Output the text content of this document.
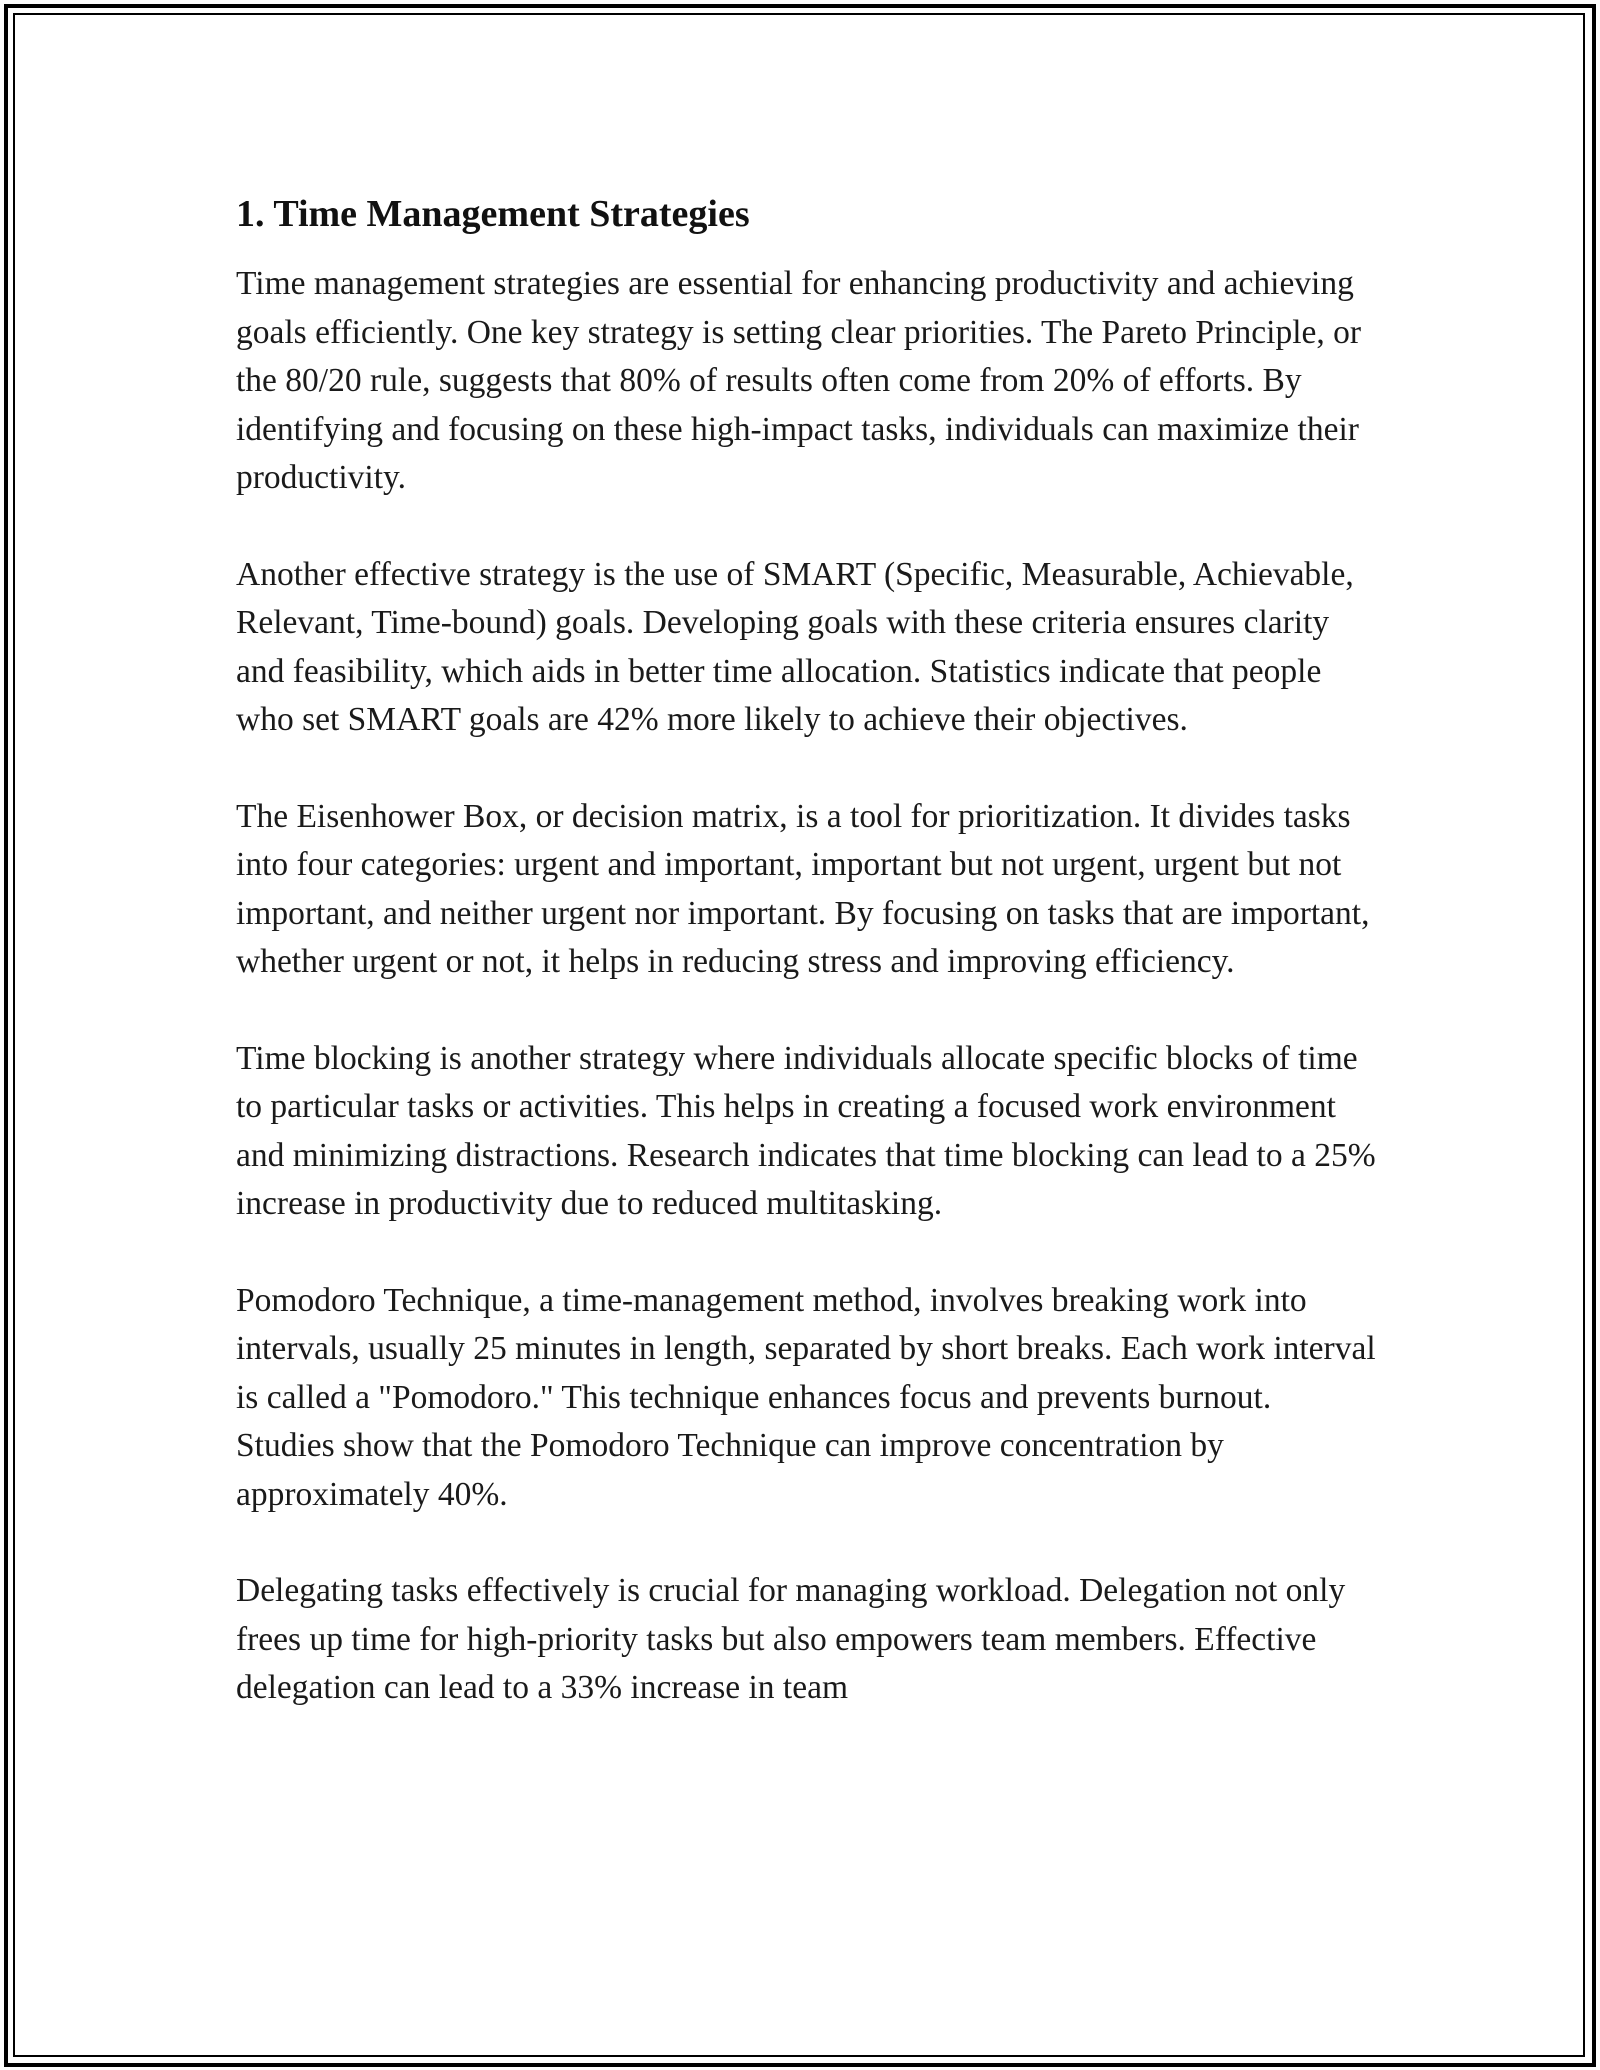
1. Time Management Strategies

Time management strategies are essential for enhancing productivity and achieving goals efficiently. One key strategy is setting clear priorities. The Pareto Principle, or the 80/20 rule, suggests that 80% of results often come from 20% of efforts. By identifying and focusing on these high-impact tasks, individuals can maximize their productivity.

Another effective strategy is the use of SMART (Specific, Measurable, Achievable, Relevant, Time-bound) goals. Developing goals with these criteria ensures clarity and feasibility, which aids in better time allocation. Statistics indicate that people who set SMART goals are 42% more likely to achieve their objectives.

The Eisenhower Box, or decision matrix, is a tool for prioritization. It divides tasks into four categories: urgent and important, important but not urgent, urgent but not important, and neither urgent nor important. By focusing on tasks that are important, whether urgent or not, it helps in reducing stress and improving efficiency.

Time blocking is another strategy where individuals allocate specific blocks of time to particular tasks or activities. This helps in creating a focused work environment and minimizing distractions. Research indicates that time blocking can lead to a 25% increase in productivity due to reduced multitasking.

Pomodoro Technique, a time-management method, involves breaking work into intervals, usually 25 minutes in length, separated by short breaks. Each work interval is called a "Pomodoro." This technique enhances focus and prevents burnout. Studies show that the Pomodoro Technique can improve concentration by approximately 40%.

Delegating tasks effectively is crucial for managing workload. Delegation not only frees up time for high-priority tasks but also empowers team members. Effective delegation can lead to a 33% increase in team
